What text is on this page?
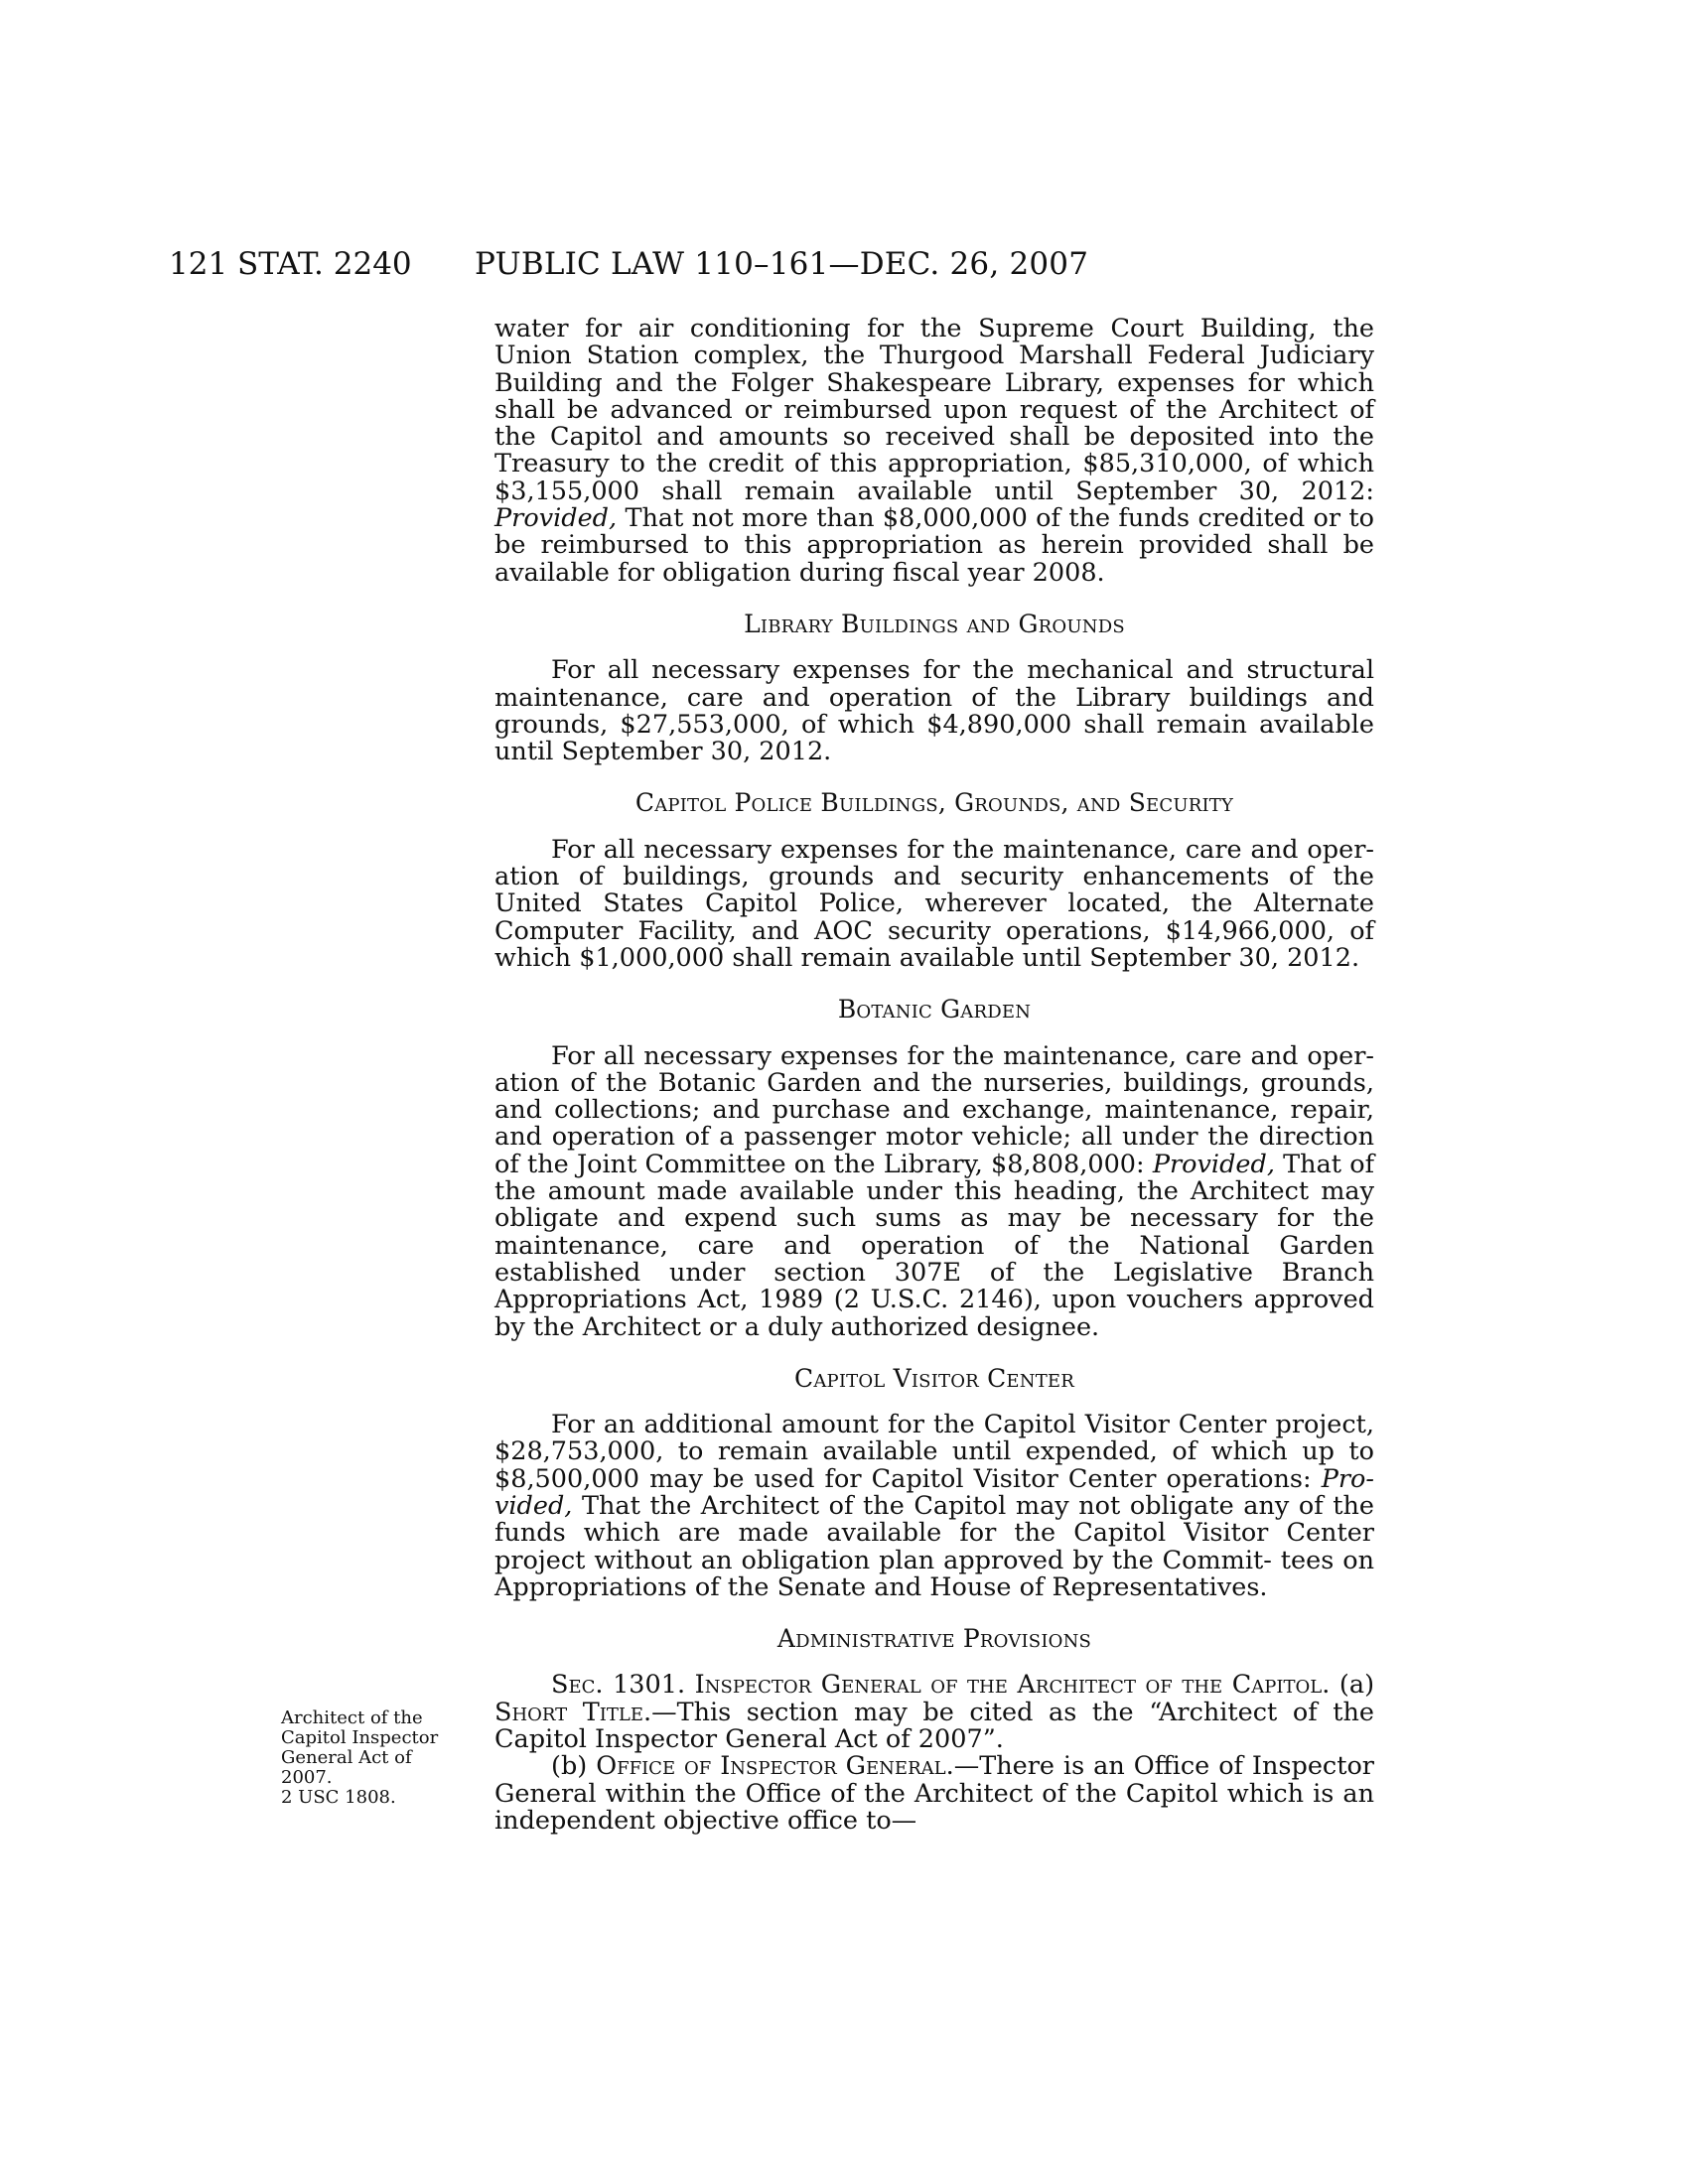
121 STAT. 2240 PUBLIC LAW 110–161—DEC. 26, 2007

water for air conditioning for the Supreme Court Building, the Union Station complex, the Thurgood Marshall Federal Judiciary Building and the Folger Shakespeare Library, expenses for which shall be advanced or reimbursed upon request of the Architect of the Capitol and amounts so received shall be deposited into the Treasury to the credit of this appropriation, $85,310,000, of which $3,155,000 shall remain available until September 30, 2012: Provided, That not more than $8,000,000 of the funds credited or to be reimbursed to this appropriation as herein provided shall be available for obligation during fiscal year 2008.

Library Buildings and Grounds

For all necessary expenses for the mechanical and structural maintenance, care and operation of the Library buildings and grounds, $27,553,000, of which $4,890,000 shall remain available until September 30, 2012.

Capitol Police Buildings, Grounds, and Security

For all necessary expenses for the maintenance, care and oper- ation of buildings, grounds and security enhancements of the United States Capitol Police, wherever located, the Alternate Computer Facility, and AOC security operations, $14,966,000, of which $1,000,000 shall remain available until September 30, 2012.

Botanic Garden

For all necessary expenses for the maintenance, care and oper- ation of the Botanic Garden and the nurseries, buildings, grounds, and collections; and purchase and exchange, maintenance, repair, and operation of a passenger motor vehicle; all under the direction of the Joint Committee on the Library, $8,808,000: Provided, That of the amount made available under this heading, the Architect may obligate and expend such sums as may be necessary for the maintenance, care and operation of the National Garden established under section 307E of the Legislative Branch Appropriations Act, 1989 (2 U.S.C. 2146), upon vouchers approved by the Architect or a duly authorized designee.

Capitol Visitor Center

For an additional amount for the Capitol Visitor Center project, $28,753,000, to remain available until expended, of which up to $8,500,000 may be used for Capitol Visitor Center operations: Pro- vided, That the Architect of the Capitol may not obligate any of the funds which are made available for the Capitol Visitor Center project without an obligation plan approved by the Commit- tees on Appropriations of the Senate and House of Representatives.

Administrative Provisions

Sec. 1301. Inspector General of the Architect of the Capitol. (a) Short Title.—This section may be cited as the “Architect of the Capitol Inspector General Act of 2007”.

(b) Office of Inspector General.—There is an Office of Inspector General within the Office of the Architect of the Capitol which is an independent objective office to—

Architect of the
Capitol Inspector
General Act of
2007.
2 USC 1808.
